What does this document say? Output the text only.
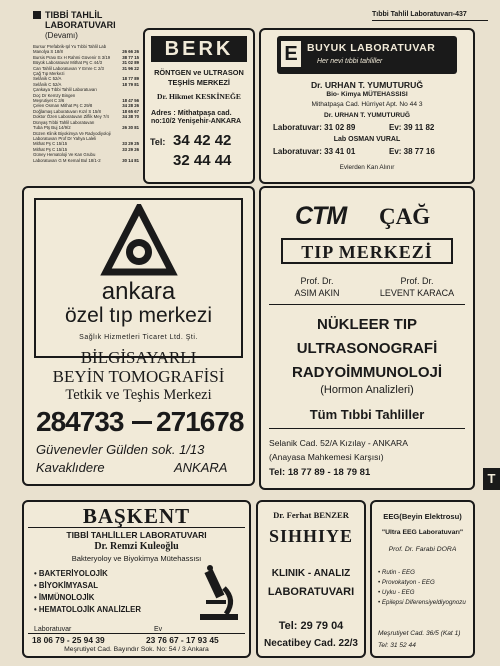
TIBBİ TAHLİL
LABORATUVARI
(Devamı)
Tıbbi Tahlil Laboratuvarı-437
Bursur Prefabrik-Ipl Yu Tıbbi Tahlil Lab
Manolya S 18/8	26 66 26
Bursis Prası Ex H Rahmi Güvenir S 3/19	38 77 15
Büyük Laboratuvar Mithat Pş C 44/3	31 02 89
Can Tahlil Laboratuvarı Y Emre C 2/3	31 96 22
Çağ Tıp Merkezi
Selânik C 52/A	18 77 89
Selânik C 52/A	18 79 81
Çankaya Tıbbi Tahlil Laboratuvarı
Doç Dr Kemzy Bingen
Meşrutiyet C 3/6	18 47 56
Çelen Osman Mithat Pş C 29/8	34 28 26
Doğlamaş Laboratuvarı Kızıl S 15/8	18 65 67
Doktor Özen Laboratuvarı Ziflik Mey 7/4	34 38 70
Dünyaş Tıbbi Tahlil Laboratuvarı
Tuba Ptş Buj 14/9/2	26 30 81
Düzen Klinik Biyokimya Ve Radyodiyoloji
Laboratuvarı Prof Dr Yahya Laleli
Mithat Pş C 15/15	33 29 25
Mithat Pş C 15/15	33 29 26
Güney Hematoloji Ve Kan Grubu
Laboratuvarı G M Kemal Bul 18/1-2	30 14 81
BERK
RÖNTGEN ve ULTRASON
TEŞHİS MERKEZİ
Dr. Hikmet KESKİNEĞE
Adres : Mithatpaşa cad.
no:10/2 Yenişehir-ANKARA
Tel: 34 42 42
32 44 44
E BUYUK LABORATUVAR
Her nevi tıbbi tahliller
Dr. URHAN T. YUMUTURUĞ
Bio- Kimya MÜTEHASSISI
Mithatpaşa Cad. Hürriyet Apt. No 44 3
Dr. URHAN T. YUMUTURUĞ
Laboratuvar: 31 02 89	Ev: 39 11 82
Lab OSMAN VURAL
Laboratuvar: 33 41 01	Ev: 38 77 16
Evlerden Kan Alınır
ankara
özel tıp merkezi
Sağlık Hizmetleri Ticaret Ltd. Şti.
BİLGİSAYARLI
BEYİN TOMOGRAFİSİ
Tetkik ve Teşhis Merkezi
284733 271678
Güvenevler Gülden sok. 1/13
Kavaklıdere	ANKARA
CTM ÇAĞ
TIP MERKEZİ
Prof. Dr.
ASIM AKIN
Prof. Dr.
LEVENT KARACA
NÜKLEER TIP
ULTRASONOGRAFİ
RADYOİMMUNOLOJİ
(Hormon Analizleri)
Tüm Tıbbi Tahliller
Selanik Cad. 52/A Kızılay - ANKARA
(Anayasa Mahkemesi Karşısı)
Tel: 18 77 89 - 18 79 81	T
BAŞKENT
TIBBİ TAHLİLLER LABORATUVARI
Dr. Remzi Kuleoğlu
Bakteryoloy ve Biyokimya Mütehassısı
• BAKTERİYOLOJİK
• BİYOKİMYASAL
• İMMÜNOLOJİK
• HEMATOLOJİK ANALİZLER
Laboratuvar	Ev
18 06 79 - 25 94 39	23 76 67 - 17 93 45
Meşrutiyet Cad. Bayındır Sok. No: 54 / 3 Ankara
Dr. Ferhat BENZER
SIHHIYE
KLINIK - ANALIZ
LABORATUVARI
Tel: 29 79 04
Necatibey Cad. 22/3
EEG(Beyin Elektrosu)
"Ultra EEG Laboratuvarı"
Prof. Dr. Farabi DORA
• Rutin - EEG
• Provokatyon - EEG
• Uyku - EEG
• Epilepsi Diferensiyeldiyognozu
Meşrutiyet Cad. 36/5 (Kat 1)
Tel: 31 52 44
